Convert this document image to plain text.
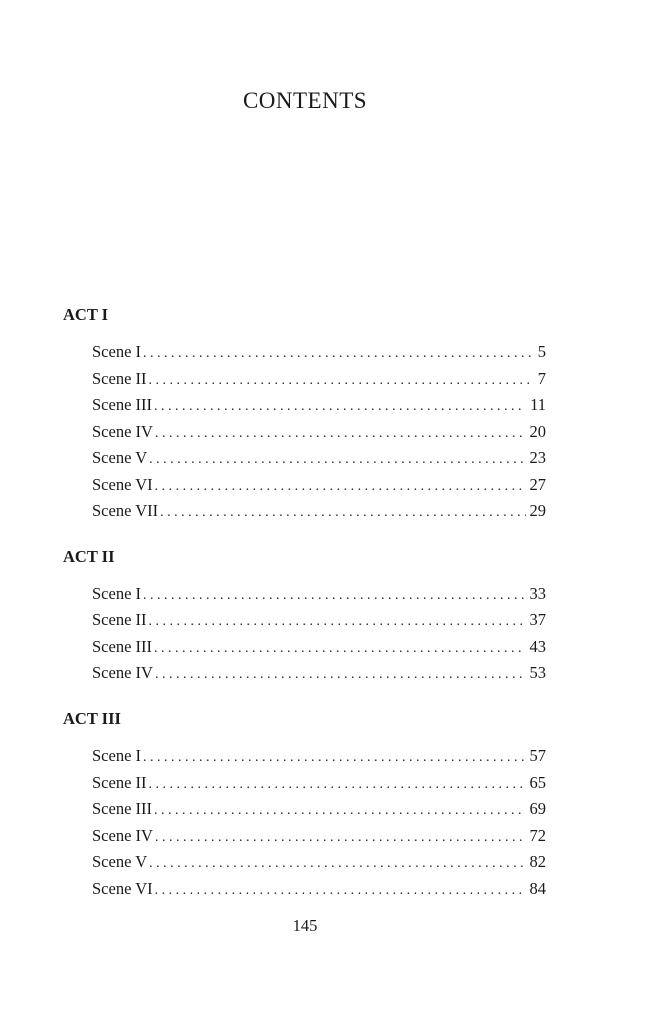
CONTENTS
ACT I
Scene I . . .	5
Scene II . . .	7
Scene III . . .	11
Scene IV . . .	20
Scene V . . .	23
Scene VI . . .	27
Scene VII . . .	29
ACT II
Scene I . . .	33
Scene II . . .	37
Scene III . . .	43
Scene IV . . .	53
ACT III
Scene I . . .	57
Scene II . . .	65
Scene III . . .	69
Scene IV . . .	72
Scene V . . .	82
Scene VI . . .	84
145
